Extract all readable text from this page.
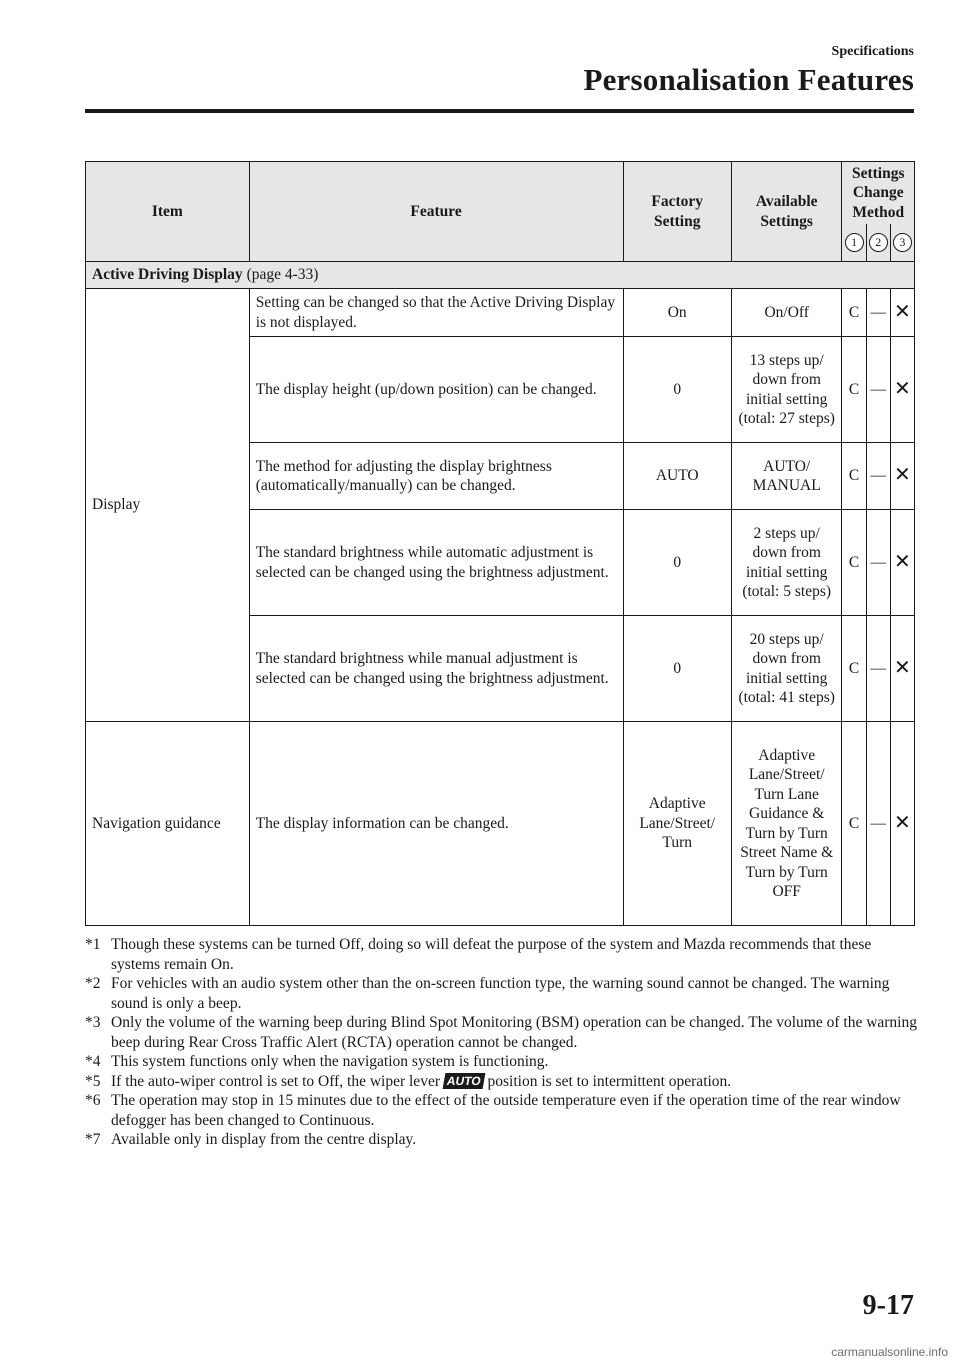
Specifications
Personalisation Features
Item	Feature	Factory Setting	Available Settings	Settings Change Method		
				1	2	3
Active Driving Display (page 4-33)						
Display	Setting can be changed so that the Active Driving Display is not displayed.	On	On/Off	C	—	✕
	The display height (up/down position) can be changed.	0	13 steps up/ down from initial setting (total: 27 steps)	C	—	✕
	The method for adjusting the display brightness (automatically/manually) can be changed.	AUTO	AUTO/ MANUAL	C	—	✕
	The standard brightness while automatic adjustment is selected can be changed using the brightness adjustment.	0	2 steps up/ down from initial setting (total: 5 steps)	C	—	✕
	The standard brightness while manual adjustment is selected can be changed using the brightness adjustment.	0	20 steps up/ down from initial setting (total: 41 steps)	C	—	✕
Navigation guidance	The display information can be changed.	Adaptive Lane/Street/ Turn	Adaptive Lane/Street/ Turn Lane Guidance & Turn by Turn Street Name & Turn by Turn OFF	C	—	✕
*1 Though these systems can be turned Off, doing so will defeat the purpose of the system and Mazda recommends that these systems remain On.
*2 For vehicles with an audio system other than the on-screen function type, the warning sound cannot be changed. The warning sound is only a beep.
*3 Only the volume of the warning beep during Blind Spot Monitoring (BSM) operation can be changed. The volume of the warning beep during Rear Cross Traffic Alert (RCTA) operation cannot be changed.
*4 This system functions only when the navigation system is functioning.
*5 If the auto-wiper control is set to Off, the wiper lever AUTO position is set to intermittent operation.
*6 The operation may stop in 15 minutes due to the effect of the outside temperature even if the operation time of the rear window defogger has been changed to Continuous.
*7 Available only in display from the centre display.
9-17
carmanualsonline.info
